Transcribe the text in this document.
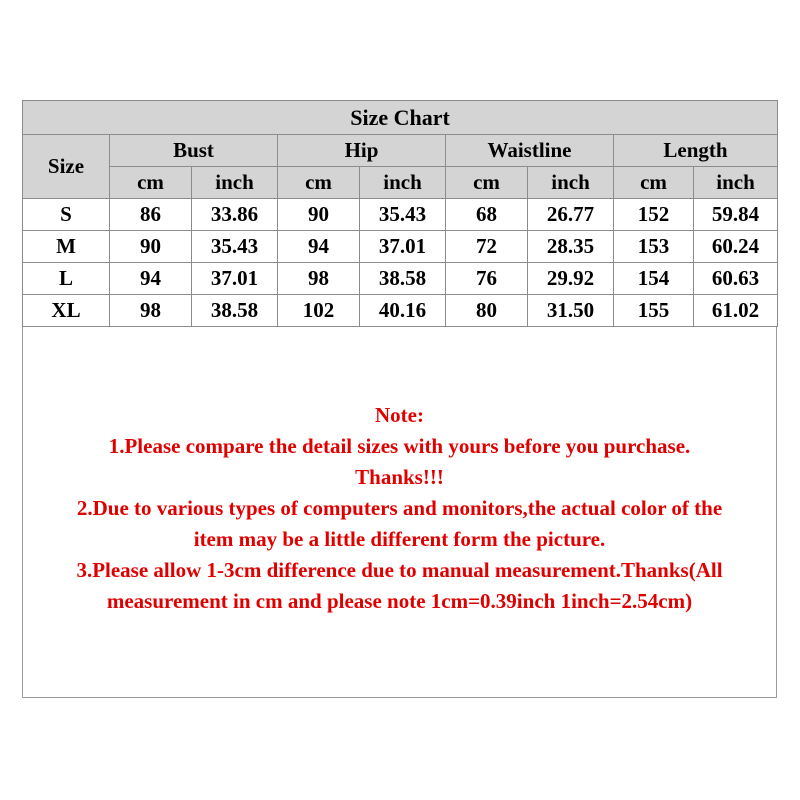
Size Chart								
Size	Bust		Hip		Waistline		Length	
	cm	inch	cm	inch	cm	inch	cm	inch
S	86	33.86	90	35.43	68	26.77	152	59.84
M	90	35.43	94	37.01	72	28.35	153	60.24
L	94	37.01	98	38.58	76	29.92	154	60.63
XL	98	38.58	102	40.16	80	31.50	155	61.02

Note:

1.Please compare the detail sizes with yours before you purchase.

Thanks!!!

2.Due to various types of computers and monitors,the actual color of the

item may be a little different form the picture.

3.Please allow 1-3cm difference due to manual measurement.Thanks(All

measurement in cm and please note 1cm=0.39inch 1inch=2.54cm)
